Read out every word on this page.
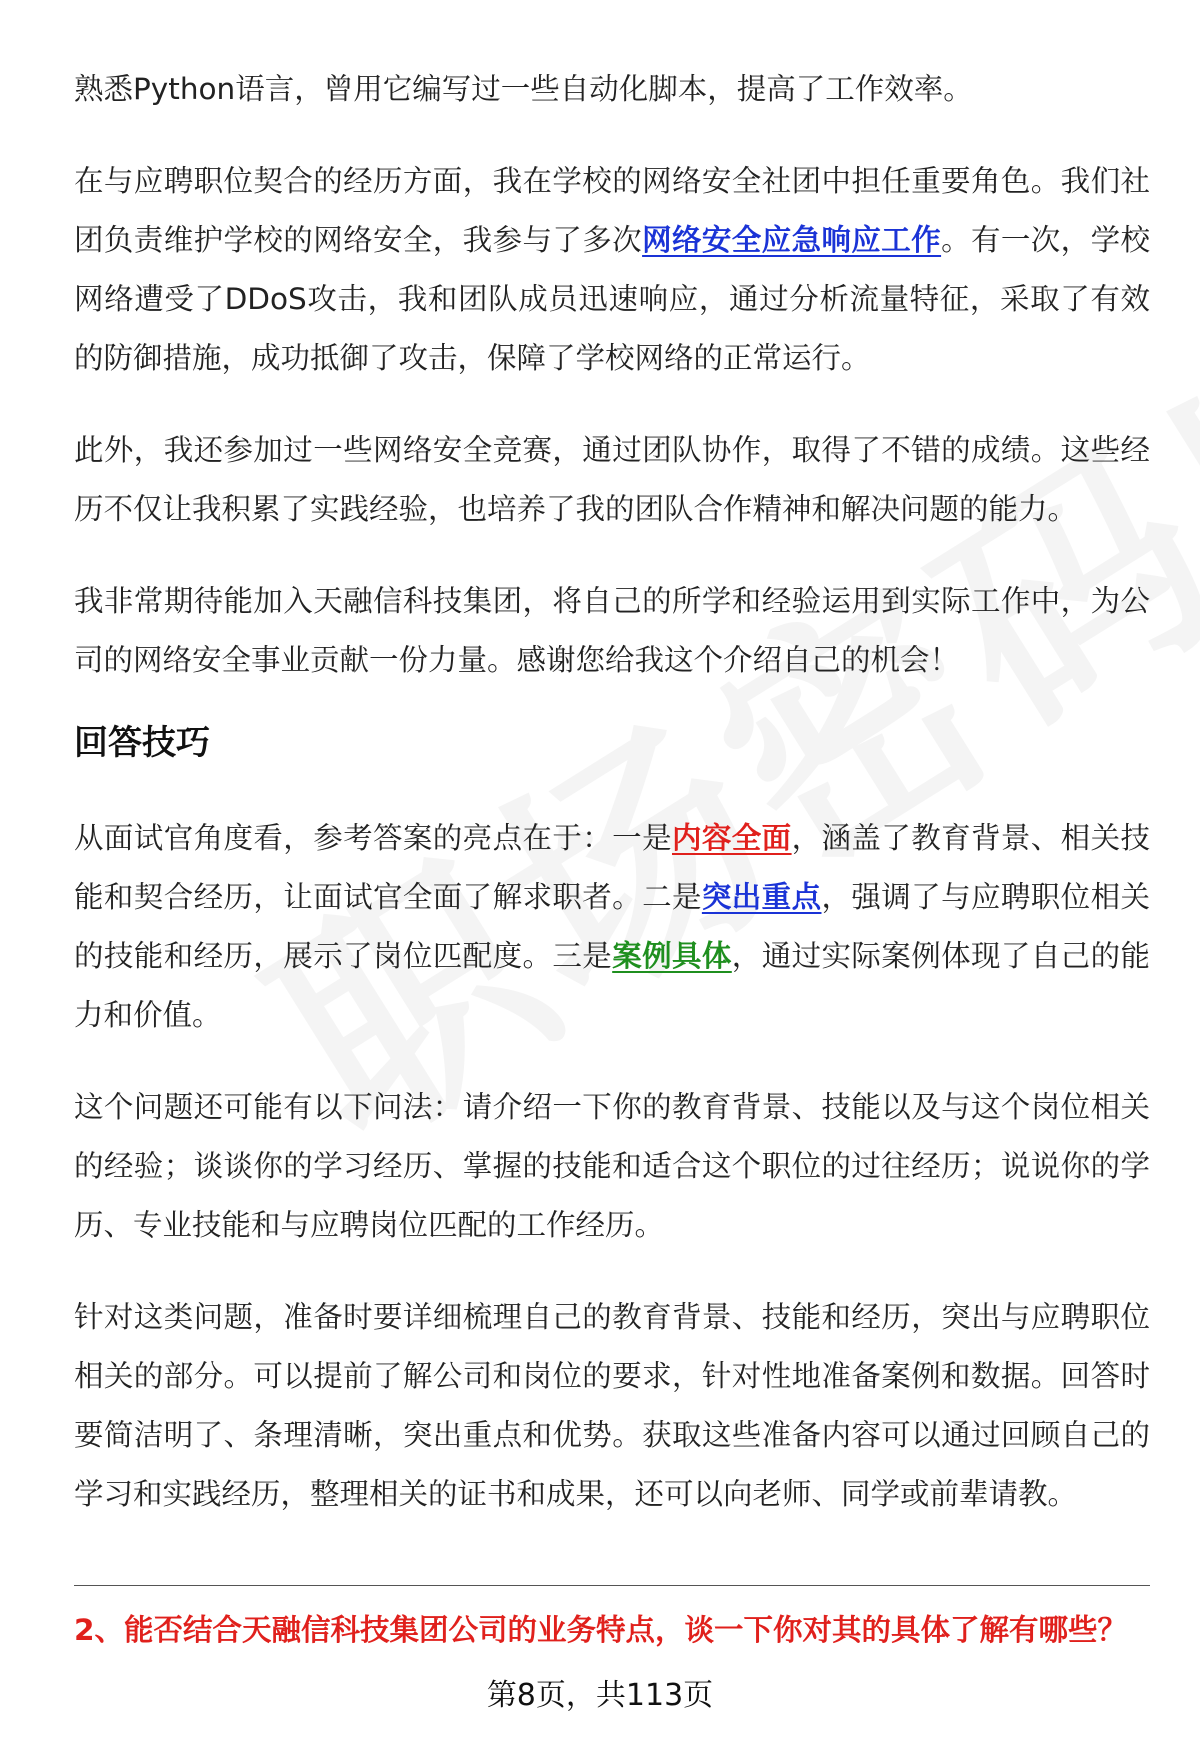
熟悉Python语言，曾用它编写过一些自动化脚本，提高了工作效率。

在与应聘职位契合的经历方面，我在学校的网络安全社团中担任重要角色。我们社团负责维护学校的网络安全，我参与了多次网络安全应急响应工作。有一次，学校网络遭受了DDoS攻击，我和团队成员迅速响应，通过分析流量特征，采取了有效的防御措施，成功抵御了攻击，保障了学校网络的正常运行。

此外，我还参加过一些网络安全竞赛，通过团队协作，取得了不错的成绩。这些经历不仅让我积累了实践经验，也培养了我的团队合作精神和解决问题的能力。

我非常期待能加入天融信科技集团，将自己的所学和经验运用到实际工作中，为公司的网络安全事业贡献一份力量。感谢您给我这个介绍自己的机会！

回答技巧

从面试官角度看，参考答案的亮点在于：一是内容全面，涵盖了教育背景、相关技能和契合经历，让面试官全面了解求职者。二是突出重点，强调了与应聘职位相关的技能和经历，展示了岗位匹配度。三是案例具体，通过实际案例体现了自己的能力和价值。

这个问题还可能有以下问法：请介绍一下你的教育背景、技能以及与这个岗位相关的经验；谈谈你的学习经历、掌握的技能和适合这个职位的过往经历；说说你的学历、专业技能和与应聘岗位匹配的工作经历。

针对这类问题，准备时要详细梳理自己的教育背景、技能和经历，突出与应聘职位相关的部分。可以提前了解公司和岗位的要求，针对性地准备案例和数据。回答时要简洁明了、条理清晰，突出重点和优势。获取这些准备内容可以通过回顾自己的学习和实践经历，整理相关的证书和成果，还可以向老师、同学或前辈请教。

2、能否结合天融信科技集团公司的业务特点，谈一下你对其的具体了解有哪些？
第8页，共113页
